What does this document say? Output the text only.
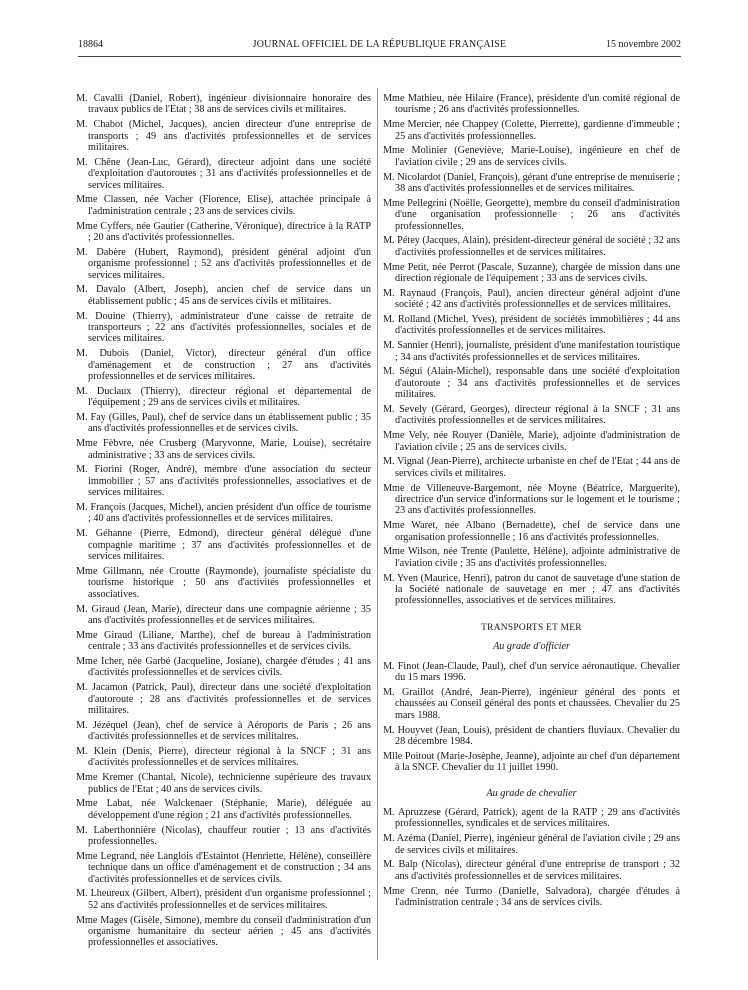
18864	JOURNAL OFFICIEL DE LA RÉPUBLIQUE FRANÇAISE	15 novembre 2002
M. Cavalli (Daniel, Robert), ingénieur divisionnaire honoraire des travaux publics de l'Etat ; 38 ans de services civils et militaires.
M. Chabot (Michel, Jacques), ancien directeur d'une entreprise de transports ; 49 ans d'activités professionnelles et de services militaires.
M. Chêne (Jean-Luc, Gérard), directeur adjoint dans une société d'exploitation d'autoroutes ; 31 ans d'activités professionnelles et de services militaires.
Mme Classen, née Vacher (Florence, Elise), attachée principale à l'administration centrale ; 23 ans de services civils.
Mme Cyffers, née Gautier (Catherine, Véronique), directrice à la RATP ; 20 ans d'activités professionnelles.
M. Dabère (Hubert, Raymond), président général adjoint d'un organisme professionnel ; 52 ans d'activités professionnelles et de services militaires.
M. Davalo (Albert, Joseph), ancien chef de service dans un établissement public ; 45 ans de services civils et militaires.
M. Douine (Thierry), administrateur d'une caisse de retraite de transporteurs ; 22 ans d'activités professionnelles, sociales et de services militaires.
M. Dubois (Daniel, Victor), directeur général d'un office d'aménagement et de construction ; 27 ans d'activités professionnelles et de services militaires.
M. Duclaux (Thierry), directeur régional et départemental de l'équipement ; 29 ans de services civils et militaires.
M. Fay (Gilles, Paul), chef de service dans un établissement public ; 35 ans d'activités professionnelles et de services civils.
Mme Fèbvre, née Crusberg (Maryvonne, Marie, Louise), secrétaire administrative ; 33 ans de services civils.
M. Fiorini (Roger, André), membre d'une association du secteur immobilier ; 57 ans d'activités professionnelles, associatives et de services militaires.
M. François (Jacques, Michel), ancien président d'un office de tourisme ; 40 ans d'activités professionnelles et de services militaires.
M. Géhanne (Pierre, Edmond), directeur général délégué d'une compagnie maritime ; 37 ans d'activités professionnelles et de services militaires.
Mme Gillmann, née Croutte (Raymonde), journaliste spécialiste du tourisme historique ; 50 ans d'activités professionnelles et associatives.
M. Giraud (Jean, Marie), directeur dans une compagnie aérienne ; 35 ans d'activités professionnelles et de services militaires.
Mme Giraud (Liliane, Marthe), chef de bureau à l'administration centrale ; 33 ans d'activités professionnelles et de services civils.
Mme Icher, née Garbé (Jacqueline, Josiane), chargée d'études ; 41 ans d'activités professionnelles et de services civils.
M. Jacamon (Patrick, Paul), directeur dans une société d'exploitation d'autoroute ; 28 ans d'activités professionnelles et de services militaires.
M. Jézéquel (Jean), chef de service à Aéroports de Paris ; 26 ans d'activités professionnelles et de services militaires.
M. Klein (Denis, Pierre), directeur régional à la SNCF ; 31 ans d'activités professionnelles et de services militaires.
Mme Kremer (Chantal, Nicole), technicienne supérieure des travaux publics de l'Etat ; 40 ans de services civils.
Mme Labat, née Walckenaer (Stéphanie, Marie), déléguée au développement d'une région ; 21 ans d'activités professionnelles.
M. Laberthonnière (Nicolas), chauffeur routier ; 13 ans d'activités professionnelles.
Mme Legrand, née Langlois d'Estaintot (Henriette, Hélène), conseillère technique dans un office d'aménagement et de construction ; 34 ans d'activités professionnelles et de services civils.
M. Lheureux (Gilbert, Albert), président d'un organisme professionnel ; 52 ans d'activités professionnelles et de services militaires.
Mme Mages (Gisèle, Simone), membre du conseil d'administration d'un organisme humanitaire du secteur aérien ; 45 ans d'activités professionnelles et associatives.
Mme Mathieu, née Hilaire (France), présidente d'un comité régional de tourisme ; 26 ans d'activités professionnelles.
Mme Mercier, née Chappey (Colette, Pierrette), gardienne d'immeuble ; 25 ans d'activités professionnelles.
Mme Molinier (Geneviève, Marie-Louise), ingénieure en chef de l'aviation civile ; 29 ans de services civils.
M. Nicolardot (Daniel, François), gérant d'une entreprise de menuiserie ; 38 ans d'activités professionnelles et de services militaires.
Mme Pellegrini (Noëlle, Georgette), membre du conseil d'administration d'une organisation professionnelle ; 26 ans d'activités professionnelles.
M. Pétey (Jacques, Alain), président-directeur général de société ; 32 ans d'activités professionnelles et de services militaires.
Mme Petit, née Perrot (Pascale, Suzanne), chargée de mission dans une direction régionale de l'équipement ; 33 ans de services civils.
M. Raynaud (François, Paul), ancien directeur général adjoint d'une société ; 42 ans d'activités professionnelles et de services militaires.
M. Rolland (Michel, Yves), président de sociétés immobilières ; 44 ans d'activités professionnelles et de services militaires.
M. Sannier (Henri), journaliste, président d'une manifestation touristique ; 34 ans d'activités professionnelles et de services militaires.
M. Ségui (Alain-Michel), responsable dans une société d'exploitation d'autoroute ; 34 ans d'activités professionnelles et de services militaires.
M. Sevely (Gérard, Georges), directeur régional à la SNCF ; 31 ans d'activités professionnelles et de services militaires.
Mme Vely, née Rouyer (Danièle, Marie), adjointe d'administration de l'aviation civile ; 25 ans de services civils.
M. Vignal (Jean-Pierre), architecte urbaniste en chef de l'Etat ; 44 ans de services civils et militaires.
Mme de Villeneuve-Bargemont, née Moyne (Béatrice, Marguerite), directrice d'un service d'informations sur le logement et le tourisme ; 23 ans d'activités professionnelles.
Mme Waret, née Albano (Bernadette), chef de service dans une organisation professionnelle ; 16 ans d'activités professionnelles.
Mme Wilson, née Trente (Paulette, Hélène), adjointe administrative de l'aviation civile ; 35 ans d'activités professionnelles.
M. Yven (Maurice, Henri), patron du canot de sauvetage d'une station de la Société nationale de sauvetage en mer ; 47 ans d'activités professionnelles, associatives et de services militaires.
TRANSPORTS ET MER
Au grade d'officier
M. Finot (Jean-Claude, Paul), chef d'un service aéronautique. Chevalier du 15 mars 1996.
M. Graillot (André, Jean-Pierre), ingénieur général des ponts et chaussées au Conseil général des ponts et chaussées. Chevalier du 25 mars 1988.
M. Houyvet (Jean, Louis), président de chantiers fluviaux. Chevalier du 28 décembre 1984.
Mlle Poitout (Marie-Josèphe, Jeanne), adjointe au chef d'un département à la SNCF. Chevalier du 11 juillet 1990.
Au grade de chevalier
M. Apruzzese (Gérard, Patrick), agent de la RATP ; 29 ans d'activités professionnelles, syndicales et de services militaires.
M. Azéma (Daniel, Pierre), ingénieur général de l'aviation civile ; 29 ans de services civils et militaires.
M. Balp (Nicolas), directeur général d'une entreprise de transport ; 32 ans d'activités professionnelles et de services militaires.
Mme Crenn, née Turmo (Danielle, Salvadora), chargée d'études à l'administration centrale ; 34 ans de services civils.
